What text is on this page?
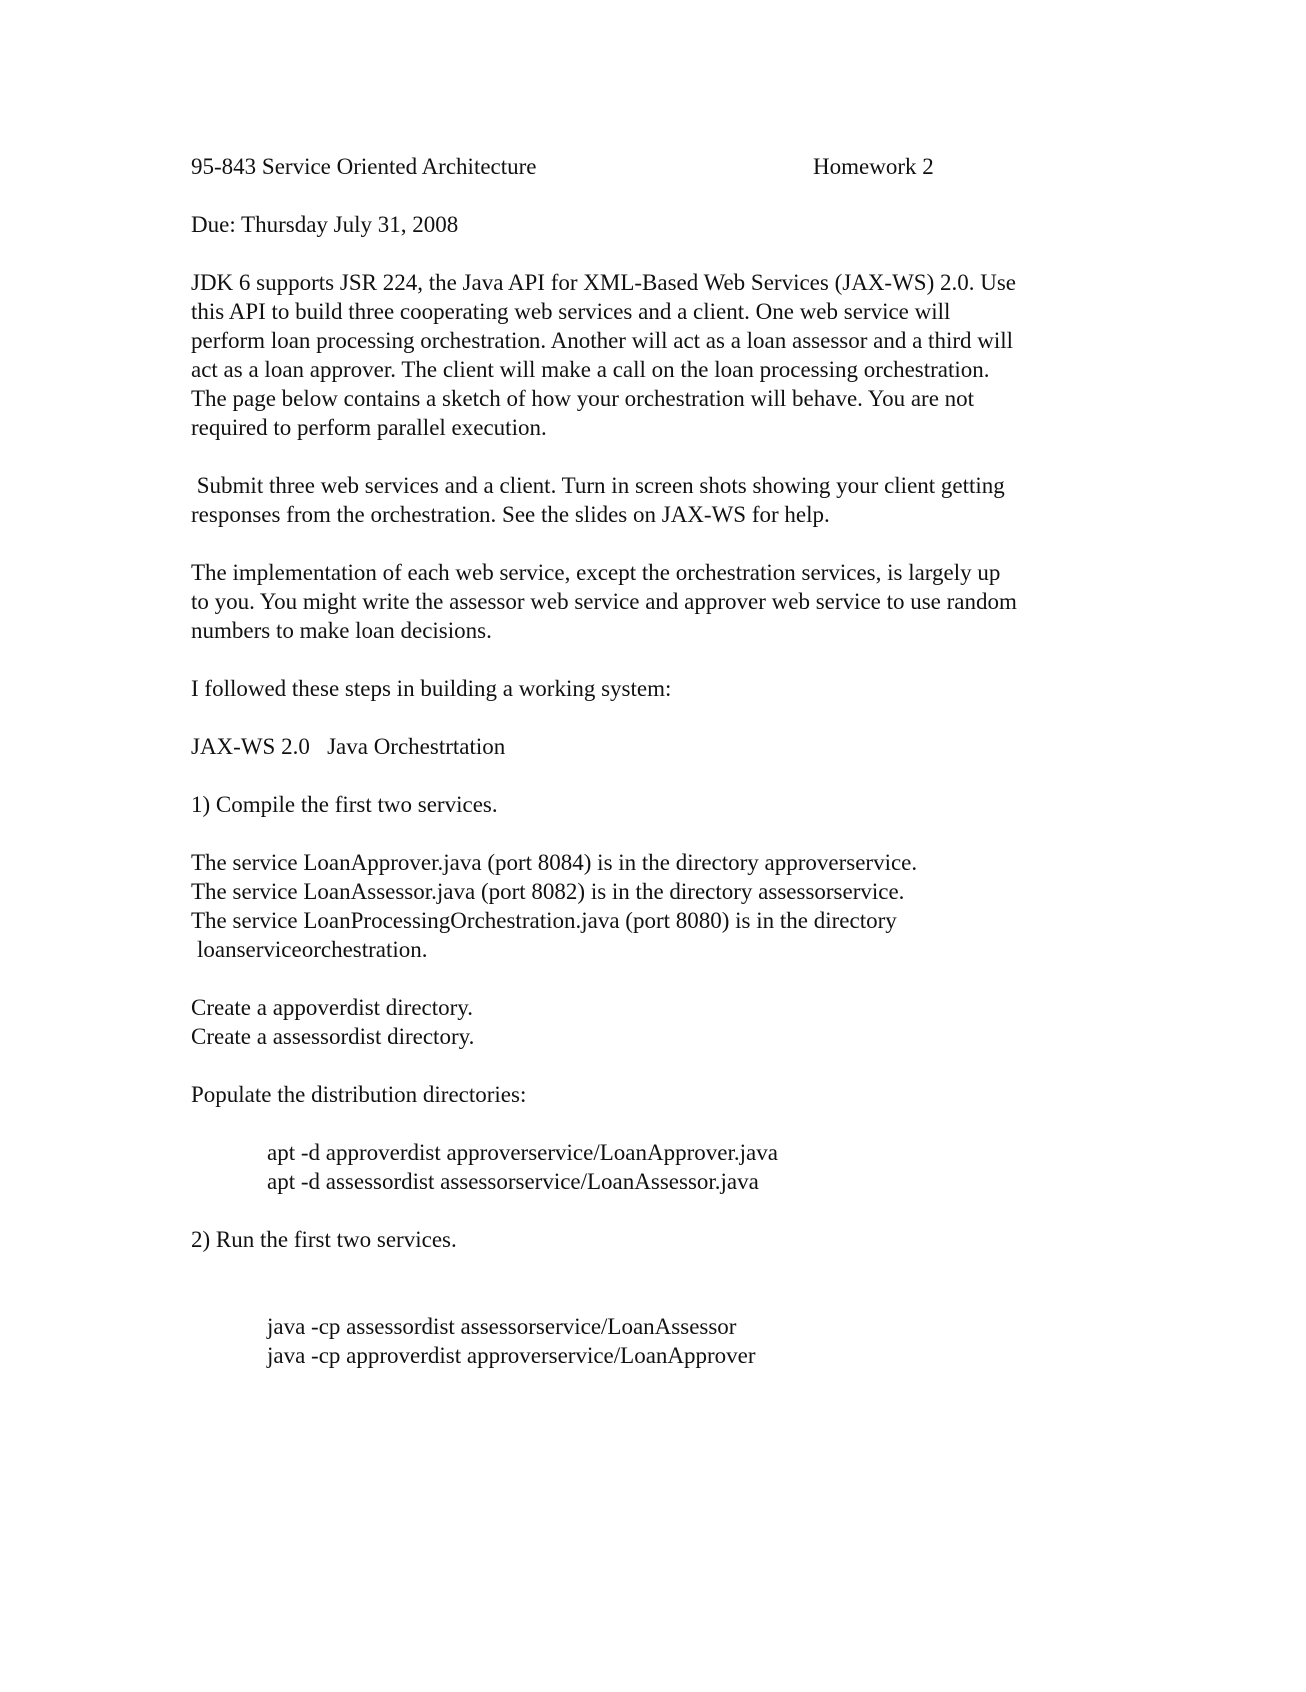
95-843 Service Oriented Architecture	Homework 2

Due: Thursday July 31, 2008

JDK 6 supports JSR 224, the Java API for XML-Based Web Services (JAX-WS) 2.0. Use
this API to build three cooperating web services and a client. One web service will
perform loan processing orchestration. Another will act as a loan assessor and a third will
act as a loan approver. The client will make a call on the loan processing orchestration.
The page below contains a sketch of how your orchestration will behave. You are not
required to perform parallel execution.
Submit three web services and a client. Turn in screen shots showing your client getting
responses from the orchestration. See the slides on JAX-WS for help.
The implementation of each web service, except the orchestration services, is largely up
to you. You might write the assessor web service and approver web service to use random
numbers to make loan decisions.

I followed these steps in building a working system:

JAX-WS 2.0   Java Orchestrtation

1) Compile the first two services.

The service LoanApprover.java (port 8084) is in the directory approverservice.
The service LoanAssessor.java (port 8082) is in the directory assessorservice.
The service LoanProcessingOrchestration.java (port 8080) is in the directory
loanserviceorchestration.
Create a appoverdist directory.
Create a assessordist directory.

Populate the distribution directories:

apt -d approverdist approverservice/LoanApprover.java
apt -d assessordist assessorservice/LoanAssessor.java

2) Run the first two services.

java -cp assessordist assessorservice/LoanAssessor
java -cp approverdist approverservice/LoanApprover
